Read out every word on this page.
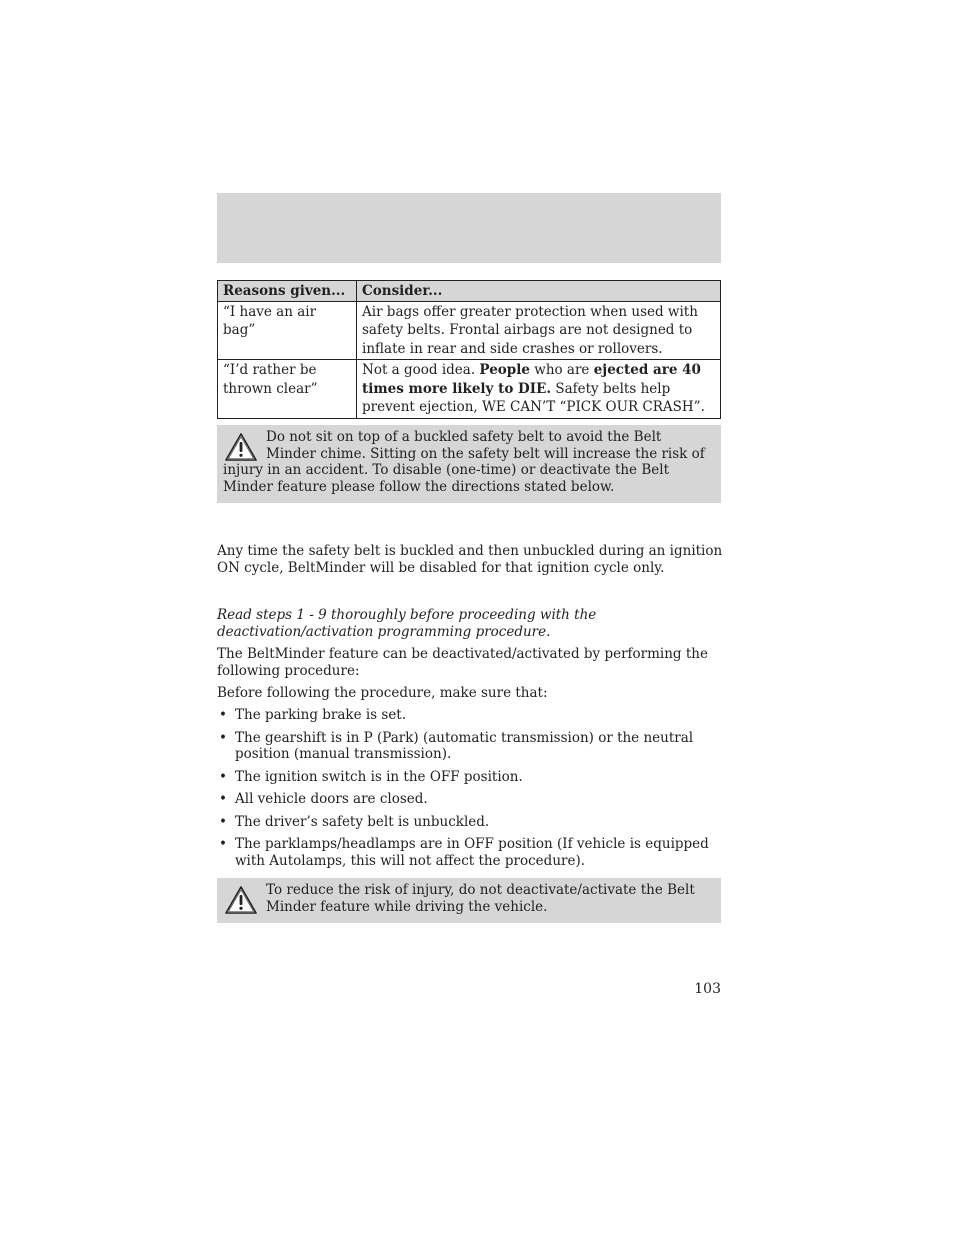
Reasons given...	Consider...
“I have an air bag”	Air bags offer greater protection when used with safety belts. Frontal airbags are not designed to inflate in rear and side crashes or rollovers.
“I’d rather be thrown clear”	Not a good idea. People who are ejected are 40 times more likely to DIE. Safety belts help prevent ejection, WE CAN’T “PICK OUR CRASH”.
Do not sit on top of a buckled safety belt to avoid the Belt Minder chime. Sitting on the safety belt will increase the risk of injury in an accident. To disable (one-time) or deactivate the Belt Minder feature please follow the directions stated below.

Any time the safety belt is buckled and then unbuckled during an ignition ON cycle, BeltMinder will be disabled for that ignition cycle only.

Read steps 1 - 9 thoroughly before proceeding with the deactivation/activation programming procedure.

The BeltMinder feature can be deactivated/activated by performing the following procedure:

Before following the procedure, make sure that:

• The parking brake is set.
• The gearshift is in P (Park) (automatic transmission) or the neutral position (manual transmission).
• The ignition switch is in the OFF position.
• All vehicle doors are closed.
• The driver’s safety belt is unbuckled.
• The parklamps/headlamps are in OFF position (If vehicle is equipped with Autolamps, this will not affect the procedure).
To reduce the risk of injury, do not deactivate/activate the Belt Minder feature while driving the vehicle.
103
